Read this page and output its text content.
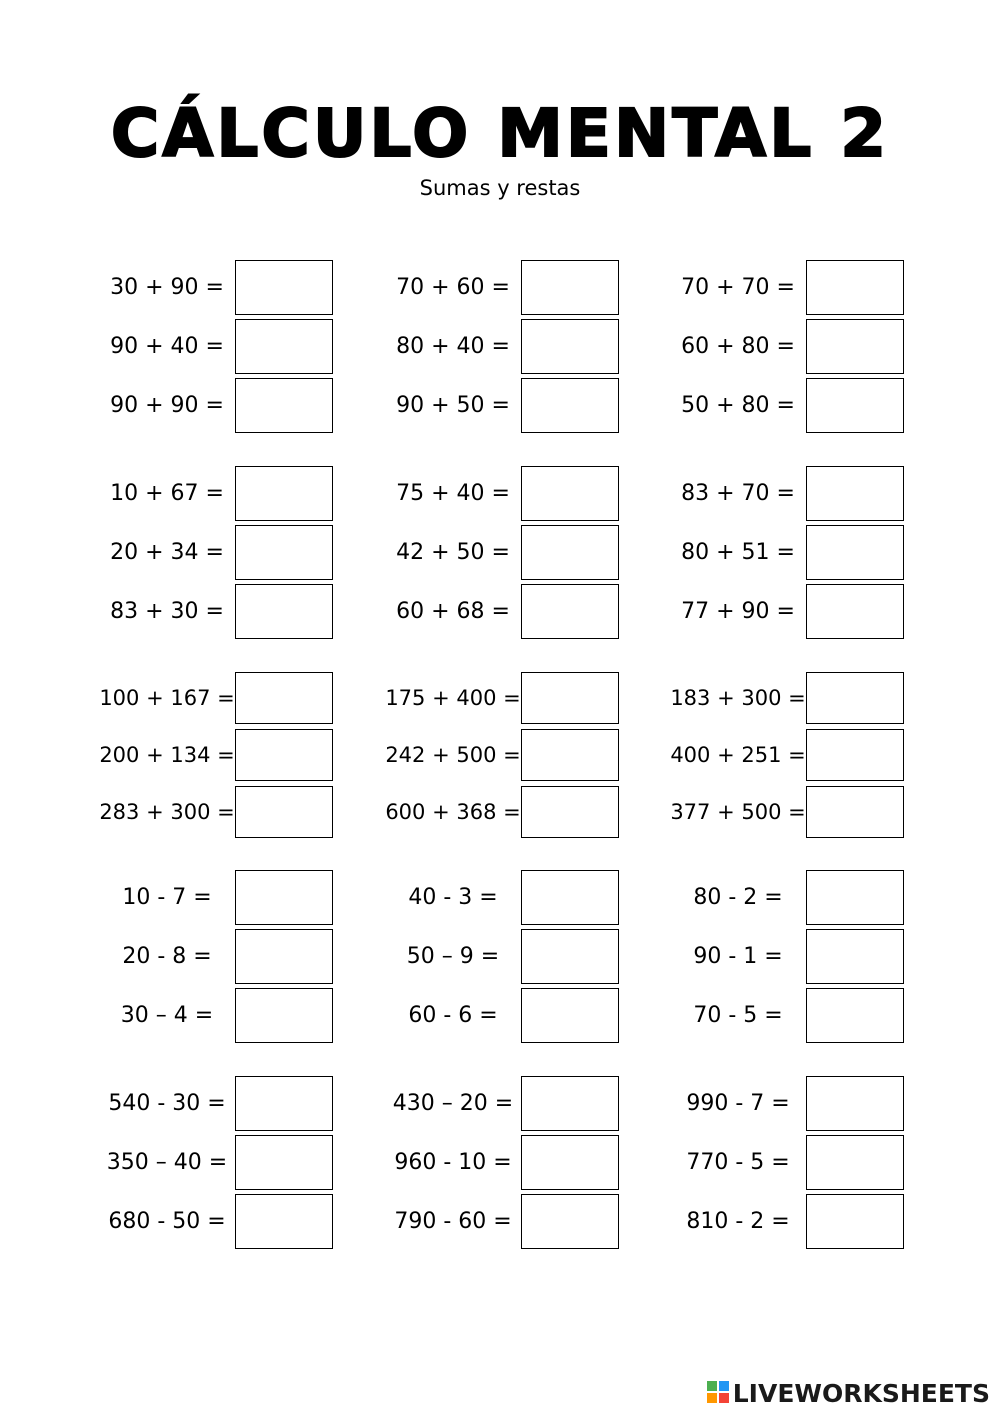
CÁLCULO MENTAL 2
Sumas y restas
30 + 90 =
90 + 40 =
90 + 90 =
70 + 60 =
80 + 40 =
90 + 50 =
70 + 70 =
60 + 80 =
50 + 80 =
10 + 67 =
20 + 34 =
83 + 30 =
75 + 40 =
42 + 50 =
60 + 68 =
83 + 70 =
80 + 51 =
77 + 90 =
100 + 167 =
200 + 134 =
283 + 300 =
175 + 400 =
242 + 500 =
600 + 368 =
183 + 300 =
400 + 251 =
377 + 500 =
10 - 7 =
20 - 8 =
30 – 4 =
40 - 3 =
50 – 9 =
60 - 6 =
80 - 2 =
90 - 1 =
70 - 5 =
540 - 30 =
350 – 40 =
680 - 50 =
430 – 20 =
960 - 10 =
790 - 60 =
990 - 7 =
770 - 5 =
810 - 2 =
LIVEWORKSHEETS
